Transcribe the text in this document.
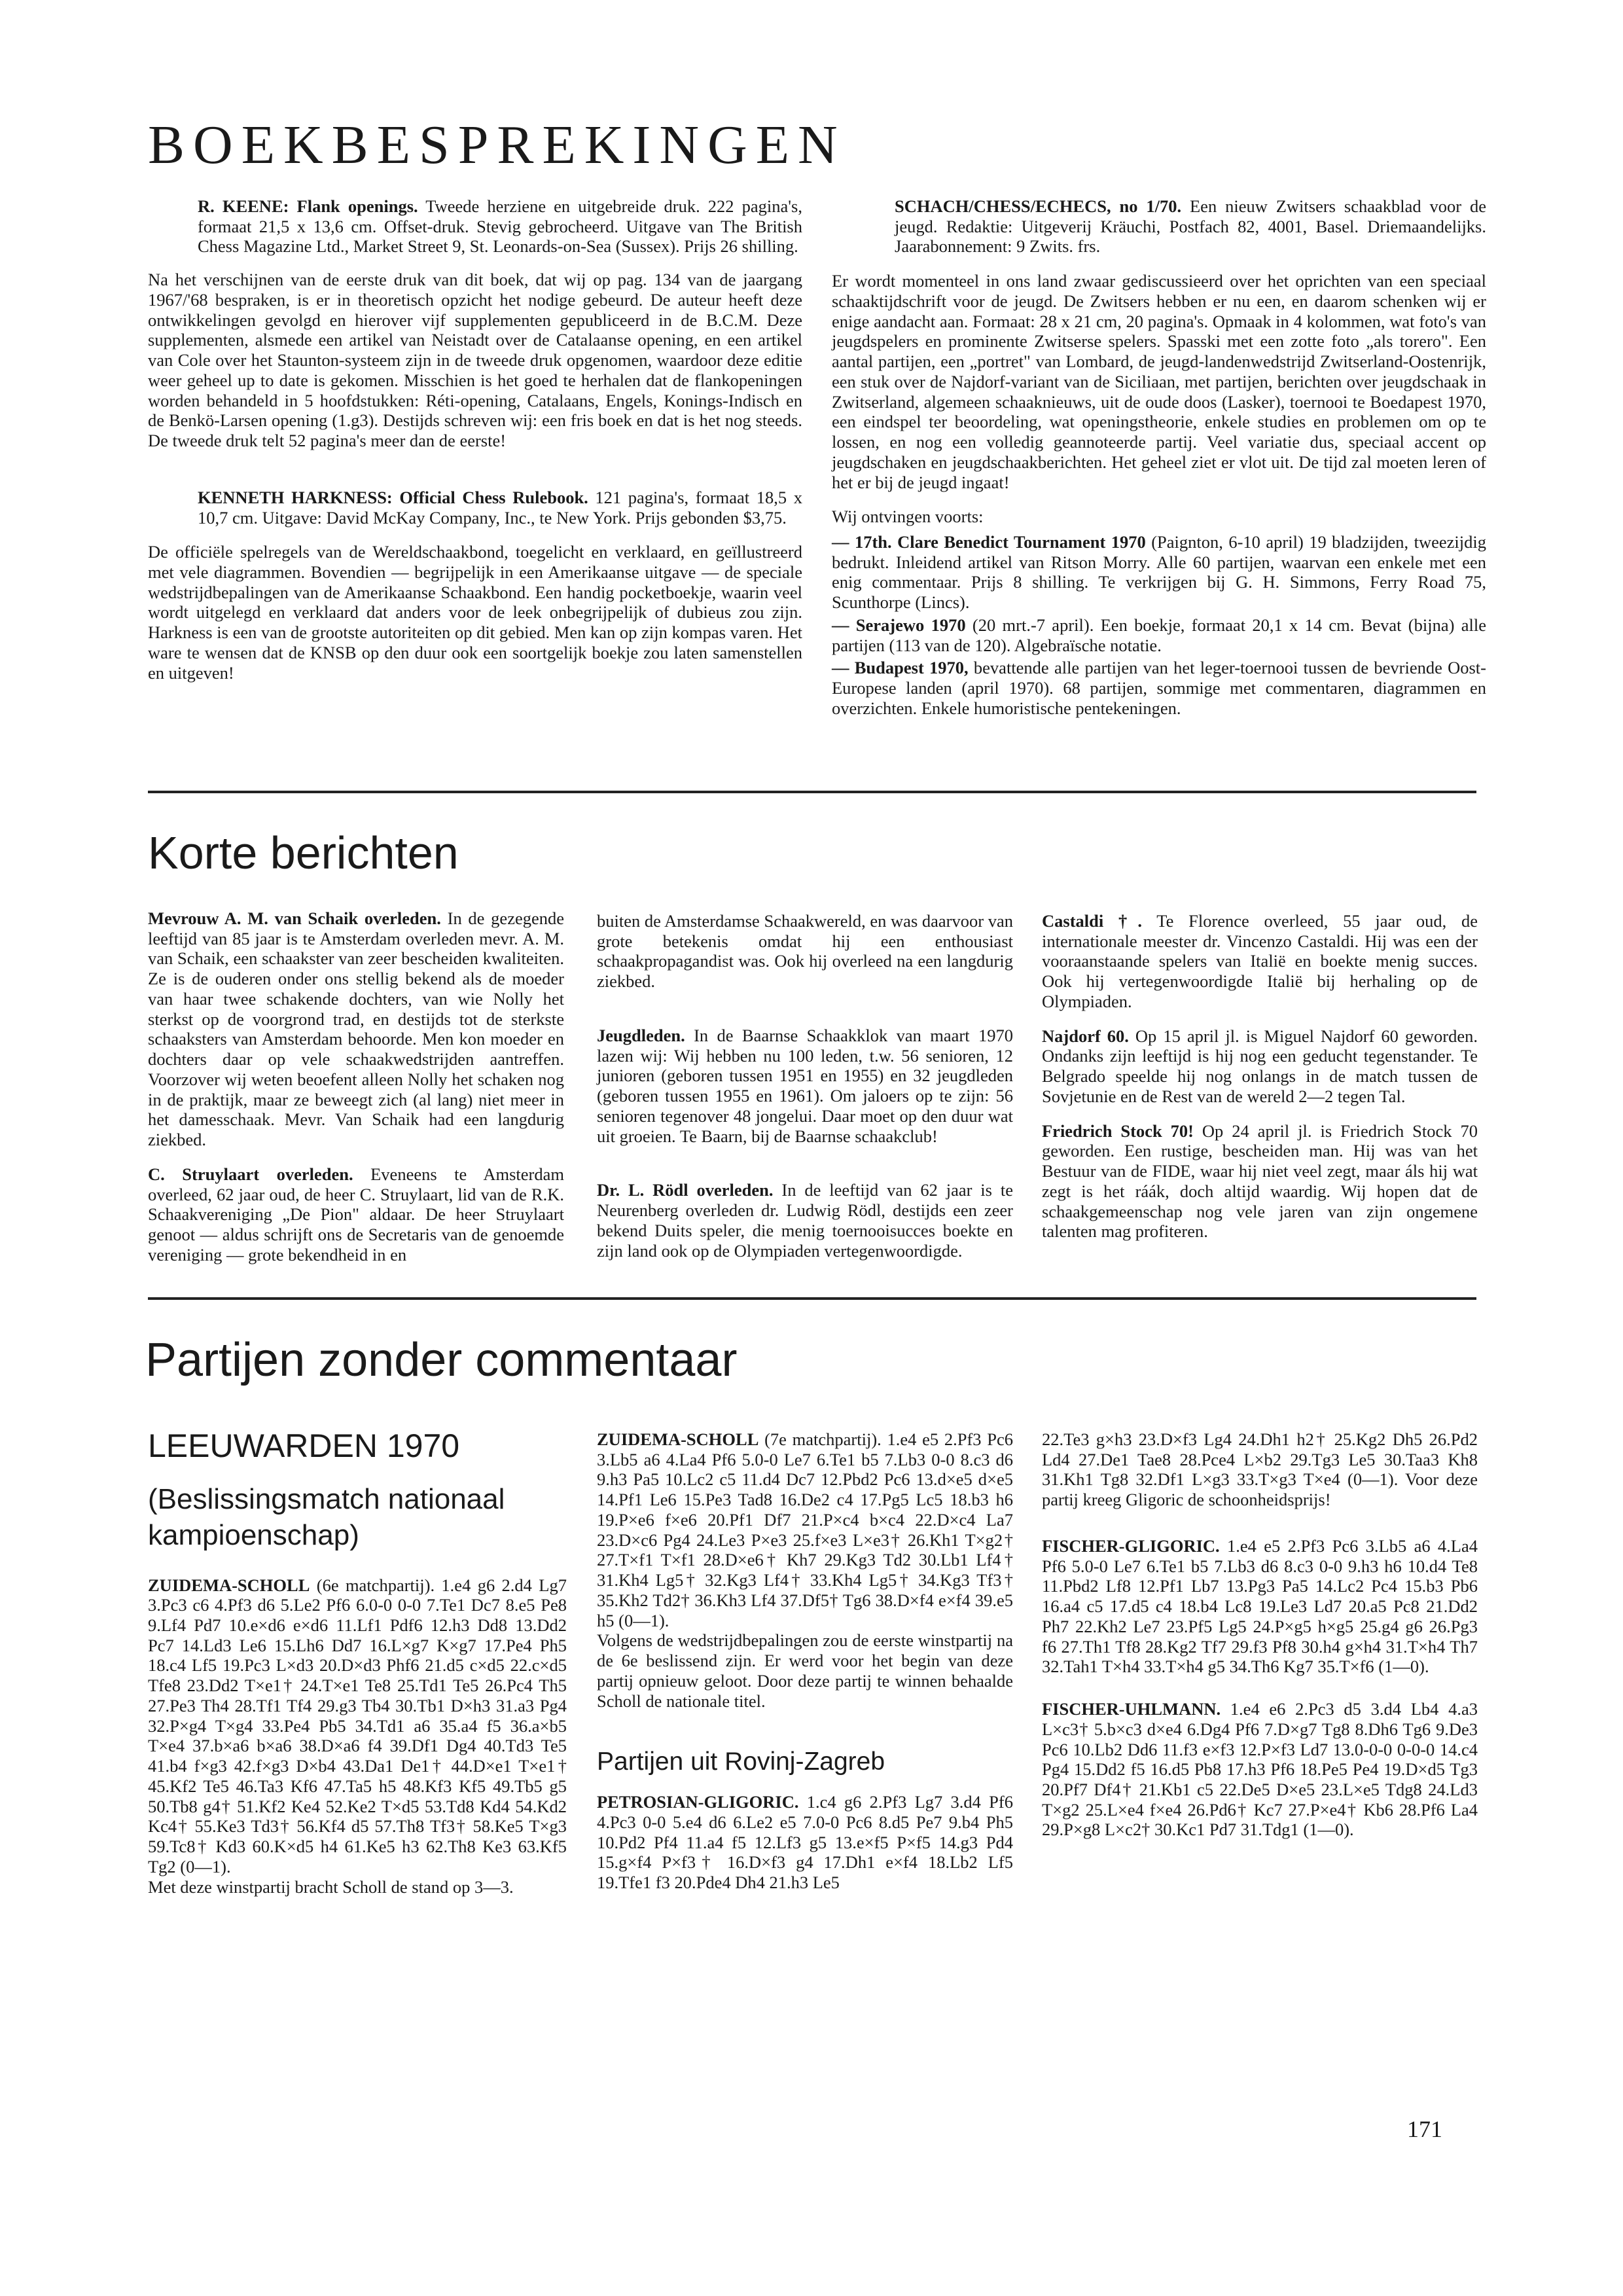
BOEKBESPREKINGEN

R. KEENE: Flank openings. Tweede herziene en uitgebreide druk. 222 pagina's, formaat 21,5 x 13,6 cm. Offset-druk. Stevig gebrocheerd. Uitgave van The British Chess Magazine Ltd., Market Street 9, St. Leonards-on-Sea (Sussex). Prijs 26 shilling.

Na het verschijnen van de eerste druk van dit boek, dat wij op pag. 134 van de jaargang 1967/'68 bespraken, is er in theoretisch opzicht het nodige gebeurd. De auteur heeft deze ontwikkelingen gevolgd en hierover vijf supplementen gepubliceerd in de B.C.M. Deze supplementen, alsmede een artikel van Neistadt over de Catalaanse opening, en een artikel van Cole over het Staunton-systeem zijn in de tweede druk opgenomen, waardoor deze editie weer geheel up to date is gekomen. Misschien is het goed te herhalen dat de flankopeningen worden behandeld in 5 hoofdstukken: Réti-opening, Catalaans, Engels, Konings-Indisch en de Benkö-Larsen opening (1.g3). Destijds schreven wij: een fris boek en dat is het nog steeds. De tweede druk telt 52 pagina's meer dan de eerste!

KENNETH HARKNESS: Official Chess Rulebook. 121 pagina's, formaat 18,5 x 10,7 cm. Uitgave: David McKay Company, Inc., te New York. Prijs gebonden $3,75.

De officiële spelregels van de Wereldschaakbond, toegelicht en verklaard, en geïllustreerd met vele diagrammen. Bovendien — begrijpelijk in een Amerikaanse uitgave — de speciale wedstrijdbepalingen van de Amerikaanse Schaakbond. Een handig pocketboekje, waarin veel wordt uitgelegd en verklaard dat anders voor de leek onbegrijpelijk of dubieus zou zijn. Harkness is een van de grootste autoriteiten op dit gebied. Men kan op zijn kompas varen. Het ware te wensen dat de KNSB op den duur ook een soortgelijk boekje zou laten samenstellen en uitgeven!

SCHACH/CHESS/ECHECS, no 1/70. Een nieuw Zwitsers schaakblad voor de jeugd. Redaktie: Uitgeverij Kräuchi, Postfach 82, 4001, Basel. Driemaandelijks. Jaarabonnement: 9 Zwits. frs.

Er wordt momenteel in ons land zwaar gediscussieerd over het oprichten van een speciaal schaaktijdschrift voor de jeugd. De Zwitsers hebben er nu een, en daarom schenken wij er enige aandacht aan. Formaat: 28 x 21 cm, 20 pagina's. Opmaak in 4 kolommen, wat foto's van jeugdspelers en prominente Zwitserse spelers. Spasski met een zotte foto „als torero". Een aantal partijen, een „portret" van Lombard, de jeugd-landenwedstrijd Zwitserland-Oostenrijk, een stuk over de Najdorf-variant van de Siciliaan, met partijen, berichten over jeugdschaak in Zwitserland, algemeen schaaknieuws, uit de oude doos (Lasker), toernooi te Boedapest 1970, een eindspel ter beoordeling, wat openingstheorie, enkele studies en problemen om op te lossen, en nog een volledig geannoteerde partij. Veel variatie dus, speciaal accent op jeugdschaken en jeugdschaakberichten. Het geheel ziet er vlot uit. De tijd zal moeten leren of het er bij de jeugd ingaat!

Wij ontvingen voorts:

— 17th. Clare Benedict Tournament 1970 (Paignton, 6-10 april) 19 bladzijden, tweezijdig bedrukt. Inleidend artikel van Ritson Morry. Alle 60 partijen, waarvan een enkele met een enig commentaar. Prijs 8 shilling. Te verkrijgen bij G. H. Simmons, Ferry Road 75, Scunthorpe (Lincs).

— Serajewo 1970 (20 mrt.-7 april). Een boekje, formaat 20,1 x 14 cm. Bevat (bijna) alle partijen (113 van de 120). Algebraïsche notatie.

— Budapest 1970, bevattende alle partijen van het leger-toernooi tussen de bevriende Oost-Europese landen (april 1970). 68 partijen, sommige met commentaren, diagrammen en overzichten. Enkele humoristische pentekeningen.

Korte berichten

Mevrouw A. M. van Schaik overleden. In de gezegende leeftijd van 85 jaar is te Amsterdam overleden mevr. A. M. van Schaik, een schaakster van zeer bescheiden kwaliteiten. Ze is de ouderen onder ons stellig bekend als de moeder van haar twee schakende dochters, van wie Nolly het sterkst op de voorgrond trad, en destijds tot de sterkste schaaksters van Amsterdam behoorde. Men kon moeder en dochters daar op vele schaakwedstrijden aantreffen. Voorzover wij weten beoefent alleen Nolly het schaken nog in de praktijk, maar ze beweegt zich (al lang) niet meer in het damesschaak. Mevr. Van Schaik had een langdurig ziekbed.

C. Struylaart overleden. Eveneens te Amsterdam overleed, 62 jaar oud, de heer C. Struylaart, lid van de R.K. Schaakvereniging „De Pion" aldaar. De heer Struylaart genoot — aldus schrijft ons de Secretaris van de genoemde vereniging — grote bekendheid in en

buiten de Amsterdamse Schaakwereld, en was daarvoor van grote betekenis omdat hij een enthousiast schaakpropagandist was. Ook hij overleed na een langdurig ziekbed.

Jeugdleden. In de Baarnse Schaakklok van maart 1970 lazen wij: Wij hebben nu 100 leden, t.w. 56 senioren, 12 junioren (geboren tussen 1951 en 1955) en 32 jeugdleden (geboren tussen 1955 en 1961). Om jaloers op te zijn: 56 senioren tegenover 48 jongelui. Daar moet op den duur wat uit groeien. Te Baarn, bij de Baarnse schaakclub!

Dr. L. Rödl overleden. In de leeftijd van 62 jaar is te Neurenberg overleden dr. Ludwig Rödl, destijds een zeer bekend Duits speler, die menig toernooisucces boekte en zijn land ook op de Olympiaden vertegenwoordigde.

Castaldi †. Te Florence overleed, 55 jaar oud, de internationale meester dr. Vincenzo Castaldi. Hij was een der vooraanstaande spelers van Italië en boekte menig succes. Ook hij vertegenwoordigde Italië bij herhaling op de Olympiaden.

Najdorf 60. Op 15 april jl. is Miguel Najdorf 60 geworden. Ondanks zijn leeftijd is hij nog een geducht tegenstander. Te Belgrado speelde hij nog onlangs in de match tussen de Sovjetunie en de Rest van de wereld 2—2 tegen Tal.

Friedrich Stock 70! Op 24 april jl. is Friedrich Stock 70 geworden. Een rustige, bescheiden man. Hij was van het Bestuur van de FIDE, waar hij niet veel zegt, maar áls hij wat zegt is het ráák, doch altijd waardig. Wij hopen dat de schaakgemeenschap nog vele jaren van zijn ongemene talenten mag profiteren.

Partijen zonder commentaar

LEEUWARDEN 1970

(Beslissingsmatch nationaal kampioenschap)

ZUIDEMA-SCHOLL (6e matchpartij). 1.e4 g6 2.d4 Lg7 3.Pc3 c6 4.Pf3 d6 5.Le2 Pf6 6.0-0 0-0 7.Te1 Dc7 8.e5 Pe8 9.Lf4 Pd7 10.e×d6 e×d6 11.Lf1 Pdf6 12.h3 Dd8 13.Dd2 Pc7 14.Ld3 Le6 15.Lh6 Dd7 16.L×g7 K×g7 17.Pe4 Ph5 18.c4 Lf5 19.Pc3 L×d3 20.D×d3 Phf6 21.d5 c×d5 22.c×d5 Tfe8 23.Dd2 T×e1† 24.T×e1 Te8 25.Td1 Te5 26.Pc4 Th5 27.Pe3 Th4 28.Tf1 Tf4 29.g3 Tb4 30.Tb1 D×h3 31.a3 Pg4 32.P×g4 T×g4 33.Pe4 Pb5 34.Td1 a6 35.a4 f5 36.a×b5 T×e4 37.b×a6 b×a6 38.D×a6 f4 39.Df1 Dg4 40.Td3 Te5 41.b4 f×g3 42.f×g3 D×b4 43.Da1 De1† 44.D×e1 T×e1† 45.Kf2 Te5 46.Ta3 Kf6 47.Ta5 h5 48.Kf3 Kf5 49.Tb5 g5 50.Tb8 g4† 51.Kf2 Ke4 52.Ke2 T×d5 53.Td8 Kd4 54.Kd2 Kc4† 55.Ke3 Td3† 56.Kf4 d5 57.Th8 Tf3† 58.Ke5 T×g3 59.Tc8† Kd3 60.K×d5 h4 61.Ke5 h3 62.Th8 Ke3 63.Kf5 Tg2 (0—1).

Met deze winstpartij bracht Scholl de stand op 3—3.

ZUIDEMA-SCHOLL (7e matchpartij). 1.e4 e5 2.Pf3 Pc6 3.Lb5 a6 4.La4 Pf6 5.0-0 Le7 6.Te1 b5 7.Lb3 0-0 8.c3 d6 9.h3 Pa5 10.Lc2 c5 11.d4 Dc7 12.Pbd2 Pc6 13.d×e5 d×e5 14.Pf1 Le6 15.Pe3 Tad8 16.De2 c4 17.Pg5 Lc5 18.b3 h6 19.P×e6 f×e6 20.Pf1 Df7 21.P×c4 b×c4 22.D×c4 La7 23.D×c6 Pg4 24.Le3 P×e3 25.f×e3 L×e3† 26.Kh1 T×g2† 27.T×f1 T×f1 28.D×e6† Kh7 29.Kg3 Td2 30.Lb1 Lf4† 31.Kh4 Lg5† 32.Kg3 Lf4† 33.Kh4 Lg5† 34.Kg3 Tf3† 35.Kh2 Td2† 36.Kh3 Lf4 37.Df5† Tg6 38.D×f4 e×f4 39.e5 h5 (0—1).

Volgens de wedstrijdbepalingen zou de eerste winstpartij na de 6e beslissend zijn. Er werd voor het begin van deze partij opnieuw geloot. Door deze partij te winnen behaalde Scholl de nationale titel.

Partijen uit Rovinj-Zagreb

PETROSIAN-GLIGORIC. 1.c4 g6 2.Pf3 Lg7 3.d4 Pf6 4.Pc3 0-0 5.e4 d6 6.Le2 e5 7.0-0 Pc6 8.d5 Pe7 9.b4 Ph5 10.Pd2 Pf4 11.a4 f5 12.Lf3 g5 13.e×f5 P×f5 14.g3 Pd4 15.g×f4 P×f3† 16.D×f3 g4 17.Dh1 e×f4 18.Lb2 Lf5 19.Tfe1 f3 20.Pde4 Dh4 21.h3 Le5

22.Te3 g×h3 23.D×f3 Lg4 24.Dh1 h2† 25.Kg2 Dh5 26.Pd2 Ld4 27.De1 Tae8 28.Pce4 L×b2 29.Tg3 Le5 30.Taa3 Kh8 31.Kh1 Tg8 32.Df1 L×g3 33.T×g3 T×e4 (0—1). Voor deze partij kreeg Gligoric de schoonheidsprijs!

FISCHER-GLIGORIC. 1.e4 e5 2.Pf3 Pc6 3.Lb5 a6 4.La4 Pf6 5.0-0 Le7 6.Te1 b5 7.Lb3 d6 8.c3 0-0 9.h3 h6 10.d4 Te8 11.Pbd2 Lf8 12.Pf1 Lb7 13.Pg3 Pa5 14.Lc2 Pc4 15.b3 Pb6 16.a4 c5 17.d5 c4 18.b4 Lc8 19.Le3 Ld7 20.a5 Pc8 21.Dd2 Ph7 22.Kh2 Le7 23.Pf5 Lg5 24.P×g5 h×g5 25.g4 g6 26.Pg3 f6 27.Th1 Tf8 28.Kg2 Tf7 29.f3 Pf8 30.h4 g×h4 31.T×h4 Th7 32.Tah1 T×h4 33.T×h4 g5 34.Th6 Kg7 35.T×f6 (1—0).

FISCHER-UHLMANN. 1.e4 e6 2.Pc3 d5 3.d4 Lb4 4.a3 L×c3† 5.b×c3 d×e4 6.Dg4 Pf6 7.D×g7 Tg8 8.Dh6 Tg6 9.De3 Pc6 10.Lb2 Dd6 11.f3 e×f3 12.P×f3 Ld7 13.0-0-0 0-0-0 14.c4 Pg4 15.Dd2 f5 16.d5 Pb8 17.h3 Pf6 18.Pe5 Pe4 19.D×d5 Tg3 20.Pf7 Df4† 21.Kb1 c5 22.De5 D×e5 23.L×e5 Tdg8 24.Ld3 T×g2 25.L×e4 f×e4 26.Pd6† Kc7 27.P×e4† Kb6 28.Pf6 La4 29.P×g8 L×c2† 30.Kc1 Pd7 31.Tdg1 (1—0).

171
